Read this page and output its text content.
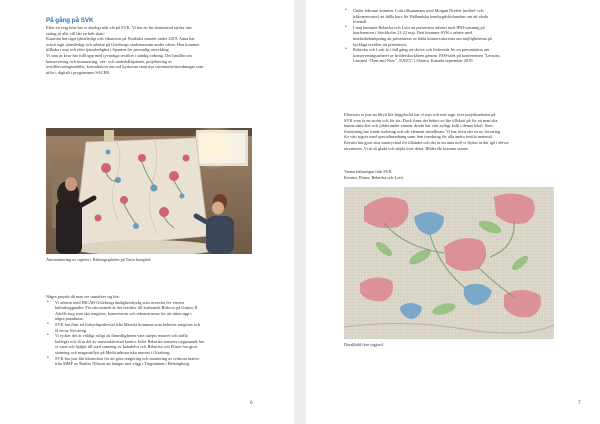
På gång på SVK

Efter en evig höst har vi äntrligt nått vår på SVK. Vi har en fin dominerad styrka inte

sträng så alla vill lått en helt skatt.

Katarina har tagit tjänstledigt och vikarierar på Nordiska museet under 2019. Anna har

också tagit tjänstledigt och arbetar på Göteborgs stadsmuseum under våren. Hon kommer

tillbaka i maj och efter tjänstledighet i Spanien för personlig utveckling.

Vi som är kvar har fullt upp med tyvärdiga textilier i sändig ordning. Det handlar om

konservering och restaurering, väv- och underhållsplaner, projektering av

textilförvaringsmöbler, konsultation om ord kyrkorna samt nya inventarier/utredningar som

utför i digitalt i programmet SACER.

Återmontering av tapeter i Hälsingegården på Torta herrgård.

Några projekt då man ser utmärker sig lite:

• Vi arbetar med HICAB-Göteborgs ändighetsbyråg som avsevärt för vistens
kulturbyggnader. För närvarande är det textilier till kulerande Biskoor på Gustav II
Adolfs torg som ska rengöras, konserveras och rekonstrueras för att sättas upp i
några paraduma.
• SVK har förtt ett förkyrlnpsthevial från Mariola kommun som behöver rengöras och
få en ny förvaring.
• Vi tycker det är väldigt roligt att fåmedligheten vara utiepis museet och träffa
kolleger och få ta del av museiaktiverad kontor. Inför Rebecka museets tryppnande har
vi varit och hjälpit till med sanering av kaladelva och Rebecka och Elinor har gjort
sanering och magasinflytt på Medicinhistoriska museet i Göteborg.
• SVK har just fått klartecken för att göra rengöring och montering av tvästora mattor
från MMF av Barbro Nilsson att hängas mot vägg i Tingstämen i Helsingborg.
6
• Under februari kommer Lotti tillsammans med Morgan Drefert (möbel- och
träkonservator) att hålla kurs för Hallandska hembygdsförbunden om att vårda
föremål.
• I maj kommer Rebecka och Lotti att presentera arbetet med IPM-satsning på
konferensen i Stockholm 21-22 maj. Dett kommer SVK:s arbete med
insektsbekämpning att presenteras av båda konservatorerna om möjligheterna på
kyrkliga textilier att presentera.
• Rebecka och Lotti är i full gång att skriva och förbereda för en presentation om
konserveringsarbetet av bröderskorkåtren genom 1900-talet på konferensen "Lessons
Learned -Then and Now", NATCC i Ottawa, Kanada september 2019.

Eftersom vi just nu blivit lite färgplockd har vi mer och mer tagit över projektarbeten på

SVK som är en ström och för sta. Dock finns det behov av lite tillskott på för att man ska

kunna sätta åter och jobba under sinnen, direkt har vårt syftigt kallt i denna lokal. Som

författning har fonde isolering och vår element installerats. Vi har även rätt en ny förvaring

för vårt tygrör med specialinredning samt fem inredning för alla andra textila material.

Kerstin har gjort sina tumtryckad för tillandet och det är nu nära noll vi flyttat in där igå i elever

utrymmen. Vi är så glada och nöjda över detta. Bilder får komma senare.

Varma hälsningar från SVK

Kerstin, Elinor, Rebecka och Lotti

Detaljbild före ingjord.
7
